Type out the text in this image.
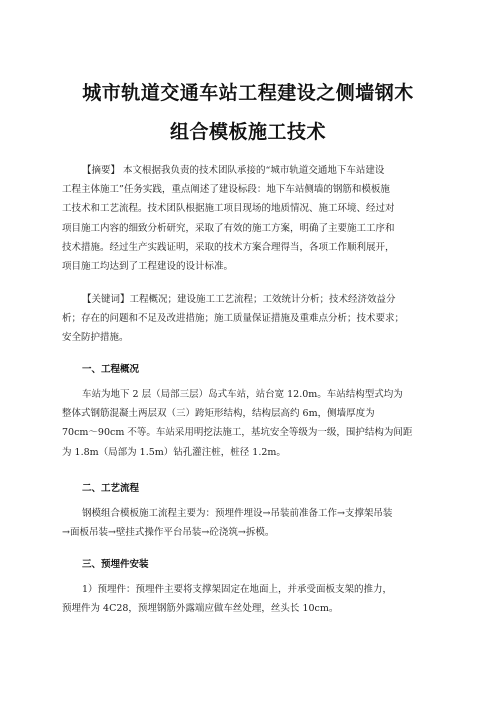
城市轨道交通车站工程建设之侧墙钢木
组合模板施工技术
【摘要】 本文根据我负责的技术团队承接的“城市轨道交通地下车站建设
工程主体施工”任务实践，重点阐述了建设标段：地下车站侧墙的钢筋和模板施
工技术和工艺流程。技术团队根据施工项目现场的地质情况、施工环境、经过对
项目施工内容的细致分析研究，采取了有效的施工方案，明确了主要施工工序和
技术措施。经过生产实践证明，采取的技术方案合理得当，各项工作顺利展开，
项目施工均达到了工程建设的设计标准。
【关键词】工程概况；建设施工工艺流程；工效统计分析；技术经济效益分
析；存在的问题和不足及改进措施；施工质量保证措施及重难点分析；技术要求；
安全防护措施。
一、工程概况
车站为地下 2 层（局部三层）岛式车站，站台宽 12.0m。车站结构型式均为
整体式钢筋混凝土两层双（三）跨矩形结构，结构层高约 6m，侧墙厚度为
70cm～90cm 不等。车站采用明挖法施工，基坑安全等级为一级，围护结构为间距
为 1.8m（局部为 1.5m）钻孔灌注桩，桩径 1.2m。
二、工艺流程
钢模组合模板施工流程主要为：预埋件埋设→吊装前准备工作→支撑架吊装
→面板吊装→壁挂式操作平台吊装→砼浇筑→拆模。
三、预埋件安装
1）预埋件：预埋件主要将支撑架固定在地面上，并承受面板支架的推力，
预埋件为 4C28，预埋钢筋外露端应做车丝处理，丝头长 10cm。
